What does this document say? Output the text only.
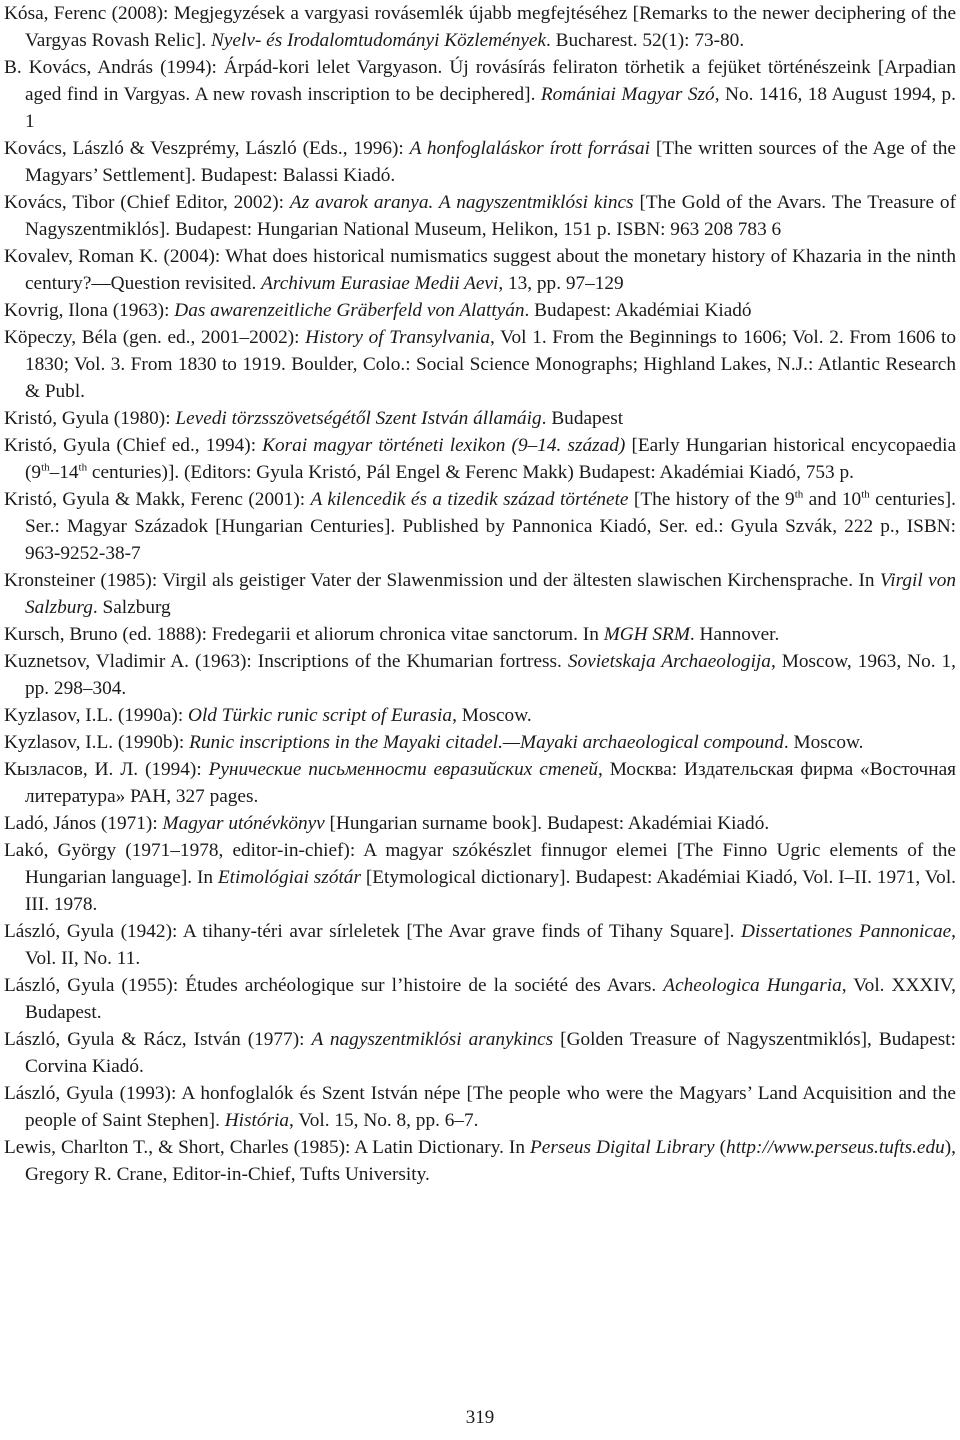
Kósa, Ferenc (2008): Megjegyzések a vargyasi rovásemlék újabb megfejtéséhez [Remarks to the newer deciphering of the Vargyas Rovash Relic]. Nyelv- és Irodalomtudományi Közlemények. Bucharest. 52(1): 73-80.

B. Kovács, András (1994): Árpád-kori lelet Vargyason. Új rovásírás feliraton törhetik a fejüket történészeink [Arpadian aged find in Vargyas. A new rovash inscription to be deciphered]. Romániai Magyar Szó, No. 1416, 18 August 1994, p. 1

Kovács, László & Veszprémy, László (Eds., 1996): A honfoglaláskor írott forrásai [The written sources of the Age of the Magyars’ Settlement]. Budapest: Balassi Kiadó.

Kovács, Tibor (Chief Editor, 2002): Az avarok aranya. A nagyszentmiklósi kincs [The Gold of the Avars. The Treasure of Nagyszentmiklós]. Budapest: Hungarian National Museum, Helikon, 151 p. ISBN: 963 208 783 6

Kovalev, Roman K. (2004): What does historical numismatics suggest about the monetary history of Khazaria in the ninth century?—Question revisited. Archivum Eurasiae Medii Aevi, 13, pp. 97–129

Kovrig, Ilona (1963): Das awarenzeitliche Gräberfeld von Alattyán. Budapest: Akadémiai Kiadó

Köpeczy, Béla (gen. ed., 2001–2002): History of Transylvania, Vol 1. From the Beginnings to 1606; Vol. 2. From 1606 to 1830; Vol. 3. From 1830 to 1919. Boulder, Colo.: Social Science Monographs; Highland Lakes, N.J.: Atlantic Research & Publ.

Kristó, Gyula (1980): Levedi törzsszövetségétől Szent István államáig. Budapest

Kristó, Gyula (Chief ed., 1994): Korai magyar történeti lexikon (9–14. század) [Early Hungarian historical encycopaedia (9th–14th centuries)]. (Editors: Gyula Kristó, Pál Engel & Ferenc Makk) Budapest: Akadémiai Kiadó, 753 p.

Kristó, Gyula & Makk, Ferenc (2001): A kilencedik és a tizedik század története [The history of the 9th and 10th centuries]. Ser.: Magyar Századok [Hungarian Centuries]. Published by Pannonica Kiadó, Ser. ed.: Gyula Szvák, 222 p., ISBN: 963-9252-38-7

Kronsteiner (1985): Virgil als geistiger Vater der Slawenmission und der ältesten slawischen Kirchensprache. In Virgil von Salzburg. Salzburg

Kursch, Bruno (ed. 1888): Fredegarii et aliorum chronica vitae sanctorum. In MGH SRM. Hannover.

Kuznetsov, Vladimir A. (1963): Inscriptions of the Khumarian fortress. Sovietskaja Archaeologija, Moscow, 1963, No. 1, pp. 298–304.

Kyzlasov, I.L. (1990a): Old Türkic runic script of Eurasia, Moscow.

Kyzlasov, I.L. (1990b): Runic inscriptions in the Mayaki citadel.—Mayaki archaeological compound. Moscow.

Кызласов, И. Л. (1994): Рунические письменности евразийских степей, Москва: Издательская фирма «Восточная литература» РАН, 327 pages.

Ladó, János (1971): Magyar utónévkönyv [Hungarian surname book]. Budapest: Akadémiai Kiadó.

Lakó, György (1971–1978, editor-in-chief): A magyar szókészlet finnugor elemei [The Finno Ugric elements of the Hungarian language]. In Etimológiai szótár [Etymological dictionary]. Budapest: Akadémiai Kiadó, Vol. I–II. 1971, Vol. III. 1978.

László, Gyula (1942): A tihany-téri avar sírleletek [The Avar grave finds of Tihany Square]. Dissertationes Pannonicae, Vol. II, No. 11.

László, Gyula (1955): Études archéologique sur l’histoire de la société des Avars. Acheologica Hungaria, Vol. XXXIV, Budapest.

László, Gyula & Rácz, István (1977): A nagyszentmiklósi aranykincs [Golden Treasure of Nagyszentmiklós], Budapest: Corvina Kiadó.

László, Gyula (1993): A honfoglalók és Szent István népe [The people who were the Magyars’ Land Acquisition and the people of Saint Stephen]. História, Vol. 15, No. 8, pp. 6–7.

Lewis, Charlton T., & Short, Charles (1985): A Latin Dictionary. In Perseus Digital Library (http://www.perseus.tufts.edu), Gregory R. Crane, Editor-in-Chief, Tufts University.

319
